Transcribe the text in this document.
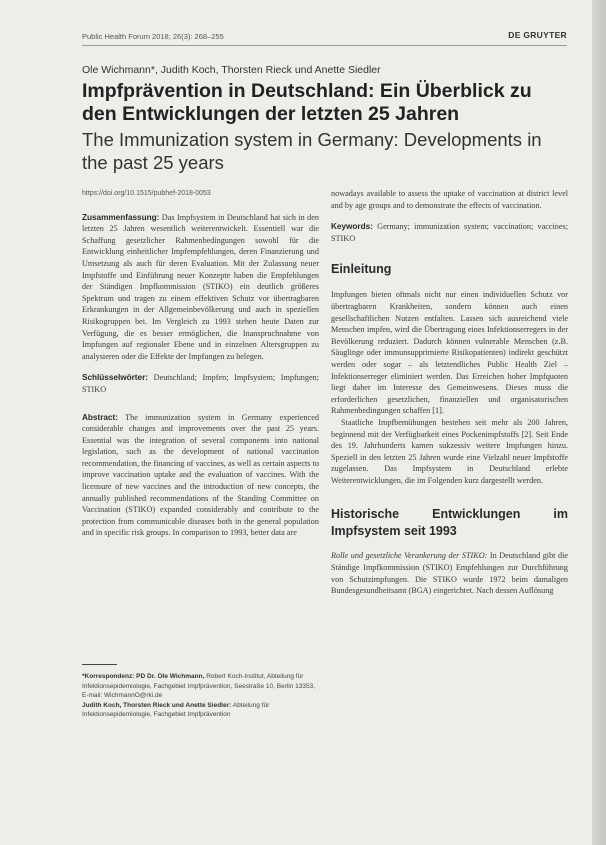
Public Health Forum 2018; 26(3): 268–255	DE GRUYTER
Ole Wichmann*, Judith Koch, Thorsten Rieck und Anette Siedler
Impfprävention in Deutschland: Ein Überblick zu den Entwicklungen der letzten 25 Jahren
The Immunization system in Germany: Developments in the past 25 years
https://doi.org/10.1515/pubhef-2018-0053

Zusammenfassung: Das Impfsystem in Deutschland hat sich in den letzten 25 Jahren wesentlich weiterentwickelt. Essentiell war die Schaffung gesetzlicher Rahmenbedingungen sowohl für die Entwicklung einheitlicher Impfempfehlungen, deren Finanzierung und Umsetzung als auch für deren Evaluation. Mit der Zulassung neuer Impfstoffe und Einführung neuer Konzepte haben die Empfehlungen der Ständigen Impfkommission (STIKO) ein deutlich größeres Spektrum und tragen zu einem effektiven Schutz vor übertragbaren Erkrankungen in der Allgemeinbevölkerung und auch in speziellen Risikogruppen bei. Im Vergleich zu 1993 stehen heute Daten zur Verfügung, die es besser ermöglichen, die Inanspruchnahme von Impfungen auf regionaler Ebene und in einzelnen Altersgruppen zu analysieren oder die Effekte der Impfungen zu belegen.

Schlüsselwörter: Deutschland; Impfen; Impfsystem; Impfungen; STIKO

Abstract: The immunization system in Germany experienced considerable changes and improvements over the past 25 years. Essential was the integration of several components into national legislation, such as the development of national vaccination recommendation, the financing of vaccines, as well as certain aspects to improve vaccination uptake and the evaluation of vaccines. With the licensure of new vaccines and the introduction of new concepts, the annually published recommendations of the Standing Committee on Vaccination (STIKO) expanded considerably and contribute to the protection from communicable diseases both in the general population and in specific risk groups. In comparison to 1993, better data are

nowadays available to assess the uptake of vaccination at district level and by age groups and to demonstrate the effects of vaccination.

Keywords: Germany; immunization system; vaccination; vaccines; STIKO

Einleitung

Impfungen bieten oftmals nicht nur einen individuellen Schutz vor übertragbaren Krankheiten, sondern können auch einen gesellschaftlichen Nutzen entfalten. Lassen sich ausreichend viele Menschen impfen, wird die Übertragung eines Infektionserregers in der Bevölkerung reduziert. Dadurch können vulnerable Menschen (z.B. Säuglinge oder immunsupprimierte Risikopatienten) indirekt geschützt werden oder sogar – als letztendliches Public Health Ziel – Infektionserreger eliminiert werden. Das Erreichen hoher Impfquoten liegt daher im Interesse des Gemeinwesens. Dieses muss die erforderlichen gesetzlichen, finanziellen und organisatorischen Rahmenbedingungen schaffen [1].

Staatliche Impfbemühungen bestehen seit mehr als 200 Jahren, beginnend mit der Verfügbarkeit eines Pockenimpfstoffs [2]. Seit Ende des 19. Jahrhunderts kamen sukzessiv weitere Impfungen hinzu. Speziell in den letzten 25 Jahren wurde eine Vielzahl neuer Impfstoffe zugelassen. Das Impfsystem in Deutschland erlebte Weiterentwicklungen, die im Folgenden kurz dargestellt werden.

Historische Entwicklungen im Impfsystem seit 1993

Rolle und gesetzliche Verankerung der STIKO: In Deutschland gibt die Ständige Impfkommission (STIKO) Empfehlungen zur Durchführung von Schutzimpfungen. Die STIKO wurde 1972 beim damaligen Bundesgesundheitsamt (BGA) eingerichtet. Nach dessen Auflösung

*Korrespondenz: PD Dr. Ole Wichmann, Robert Koch-Institut, Abteilung für Infektionsepidemiologie, Fachgebiet Impfprävention, Seestraße 10, Berlin 13353, E-mail: WichmannO@rki.de
Judith Koch, Thorsten Rieck und Anette Siedler: Abteilung für Infektionsepidemiologie, Fachgebiet Impfprävention
